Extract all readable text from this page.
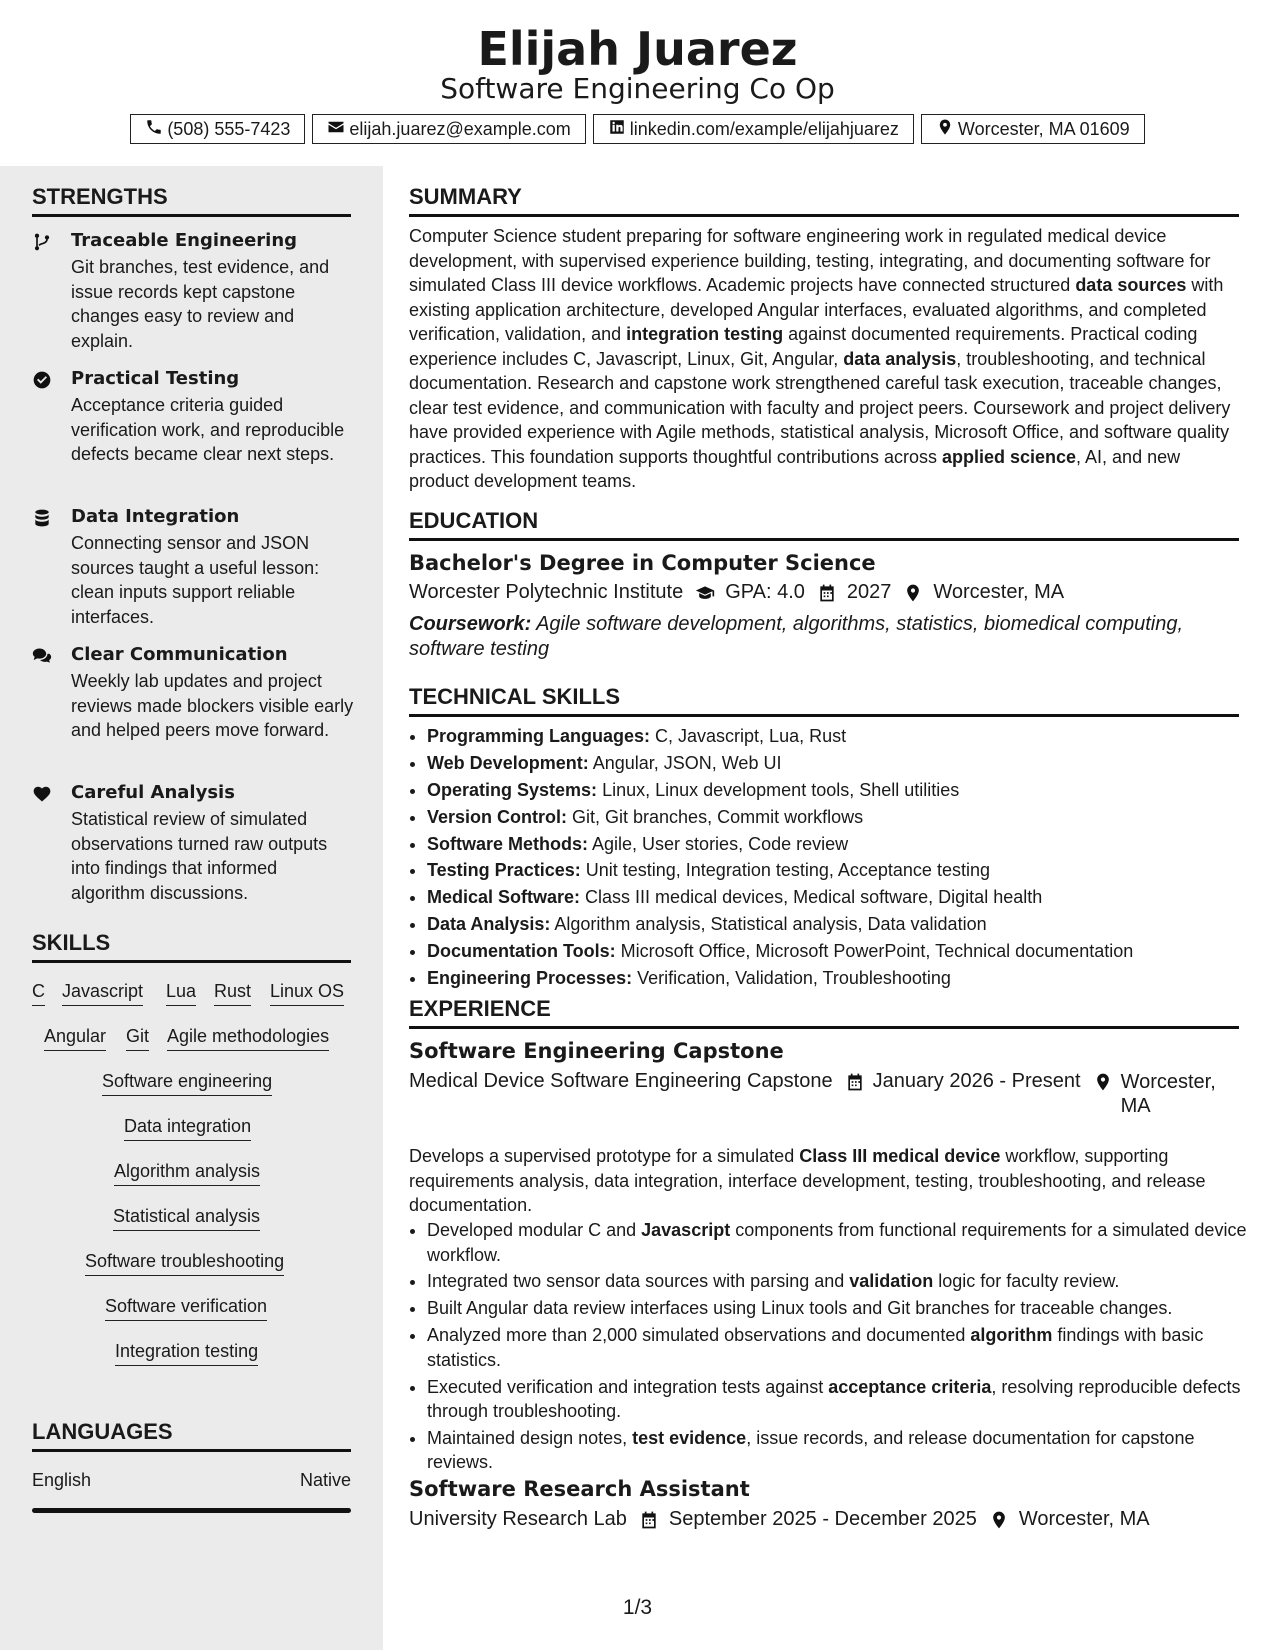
Elijah Juarez
Software Engineering Co Op
(508) 555-7423	elijah.juarez@example.com	linkedin.com/example/elijahjuarez	Worcester, MA 01609
STRENGTHS
Traceable Engineering
Git branches, test evidence, and issue records kept capstone changes easy to review and explain.
Practical Testing
Acceptance criteria guided verification work, and reproducible defects became clear next steps.
Data Integration
Connecting sensor and JSON sources taught a useful lesson: clean inputs support reliable interfaces.
Clear Communication
Weekly lab updates and project reviews made blockers visible early and helped peers move forward.
Careful Analysis
Statistical review of simulated observations turned raw outputs into findings that informed algorithm discussions.
SKILLS
C Javascript Lua Rust Linux OS
Angular Git Agile methodologies
Software engineering
Data integration
Algorithm analysis
Statistical analysis
Software troubleshooting
Software verification
Integration testing
LANGUAGES
English	Native
SUMMARY
Computer Science student preparing for software engineering work in regulated medical device development, with supervised experience building, testing, integrating, and documenting software for simulated Class III device workflows. Academic projects have connected structured data sources with existing application architecture, developed Angular interfaces, evaluated algorithms, and completed verification, validation, and integration testing against documented requirements. Practical coding experience includes C, Javascript, Linux, Git, Angular, data analysis, troubleshooting, and technical documentation. Research and capstone work strengthened careful task execution, traceable changes, clear test evidence, and communication with faculty and project peers. Coursework and project delivery have provided experience with Agile methods, statistical analysis, Microsoft Office, and software quality practices. This foundation supports thoughtful contributions across applied science, AI, and new product development teams.
EDUCATION
Bachelor's Degree in Computer Science
Worcester Polytechnic Institute GPA: 4.0 2027 Worcester, MA
Coursework: Agile software development, algorithms, statistics, biomedical computing, software testing
TECHNICAL SKILLS
• Programming Languages: C, Javascript, Lua, Rust
• Web Development: Angular, JSON, Web UI
• Operating Systems: Linux, Linux development tools, Shell utilities
• Version Control: Git, Git branches, Commit workflows
• Software Methods: Agile, User stories, Code review
• Testing Practices: Unit testing, Integration testing, Acceptance testing
• Medical Software: Class III medical devices, Medical software, Digital health
• Data Analysis: Algorithm analysis, Statistical analysis, Data validation
• Documentation Tools: Microsoft Office, Microsoft PowerPoint, Technical documentation
• Engineering Processes: Verification, Validation, Troubleshooting
EXPERIENCE
Software Engineering Capstone
Medical Device Software Engineering Capstone January 2026 - Present Worcester, MA
Develops a supervised prototype for a simulated Class III medical device workflow, supporting requirements analysis, data integration, interface development, testing, troubleshooting, and release documentation.
• Developed modular C and Javascript components from functional requirements for a simulated device workflow.
• Integrated two sensor data sources with parsing and validation logic for faculty review.
• Built Angular data review interfaces using Linux tools and Git branches for traceable changes.
• Analyzed more than 2,000 simulated observations and documented algorithm findings with basic statistics.
• Executed verification and integration tests against acceptance criteria, resolving reproducible defects through troubleshooting.
• Maintained design notes, test evidence, issue records, and release documentation for capstone reviews.
Software Research Assistant
University Research Lab September 2025 - December 2025 Worcester, MA
1/3
